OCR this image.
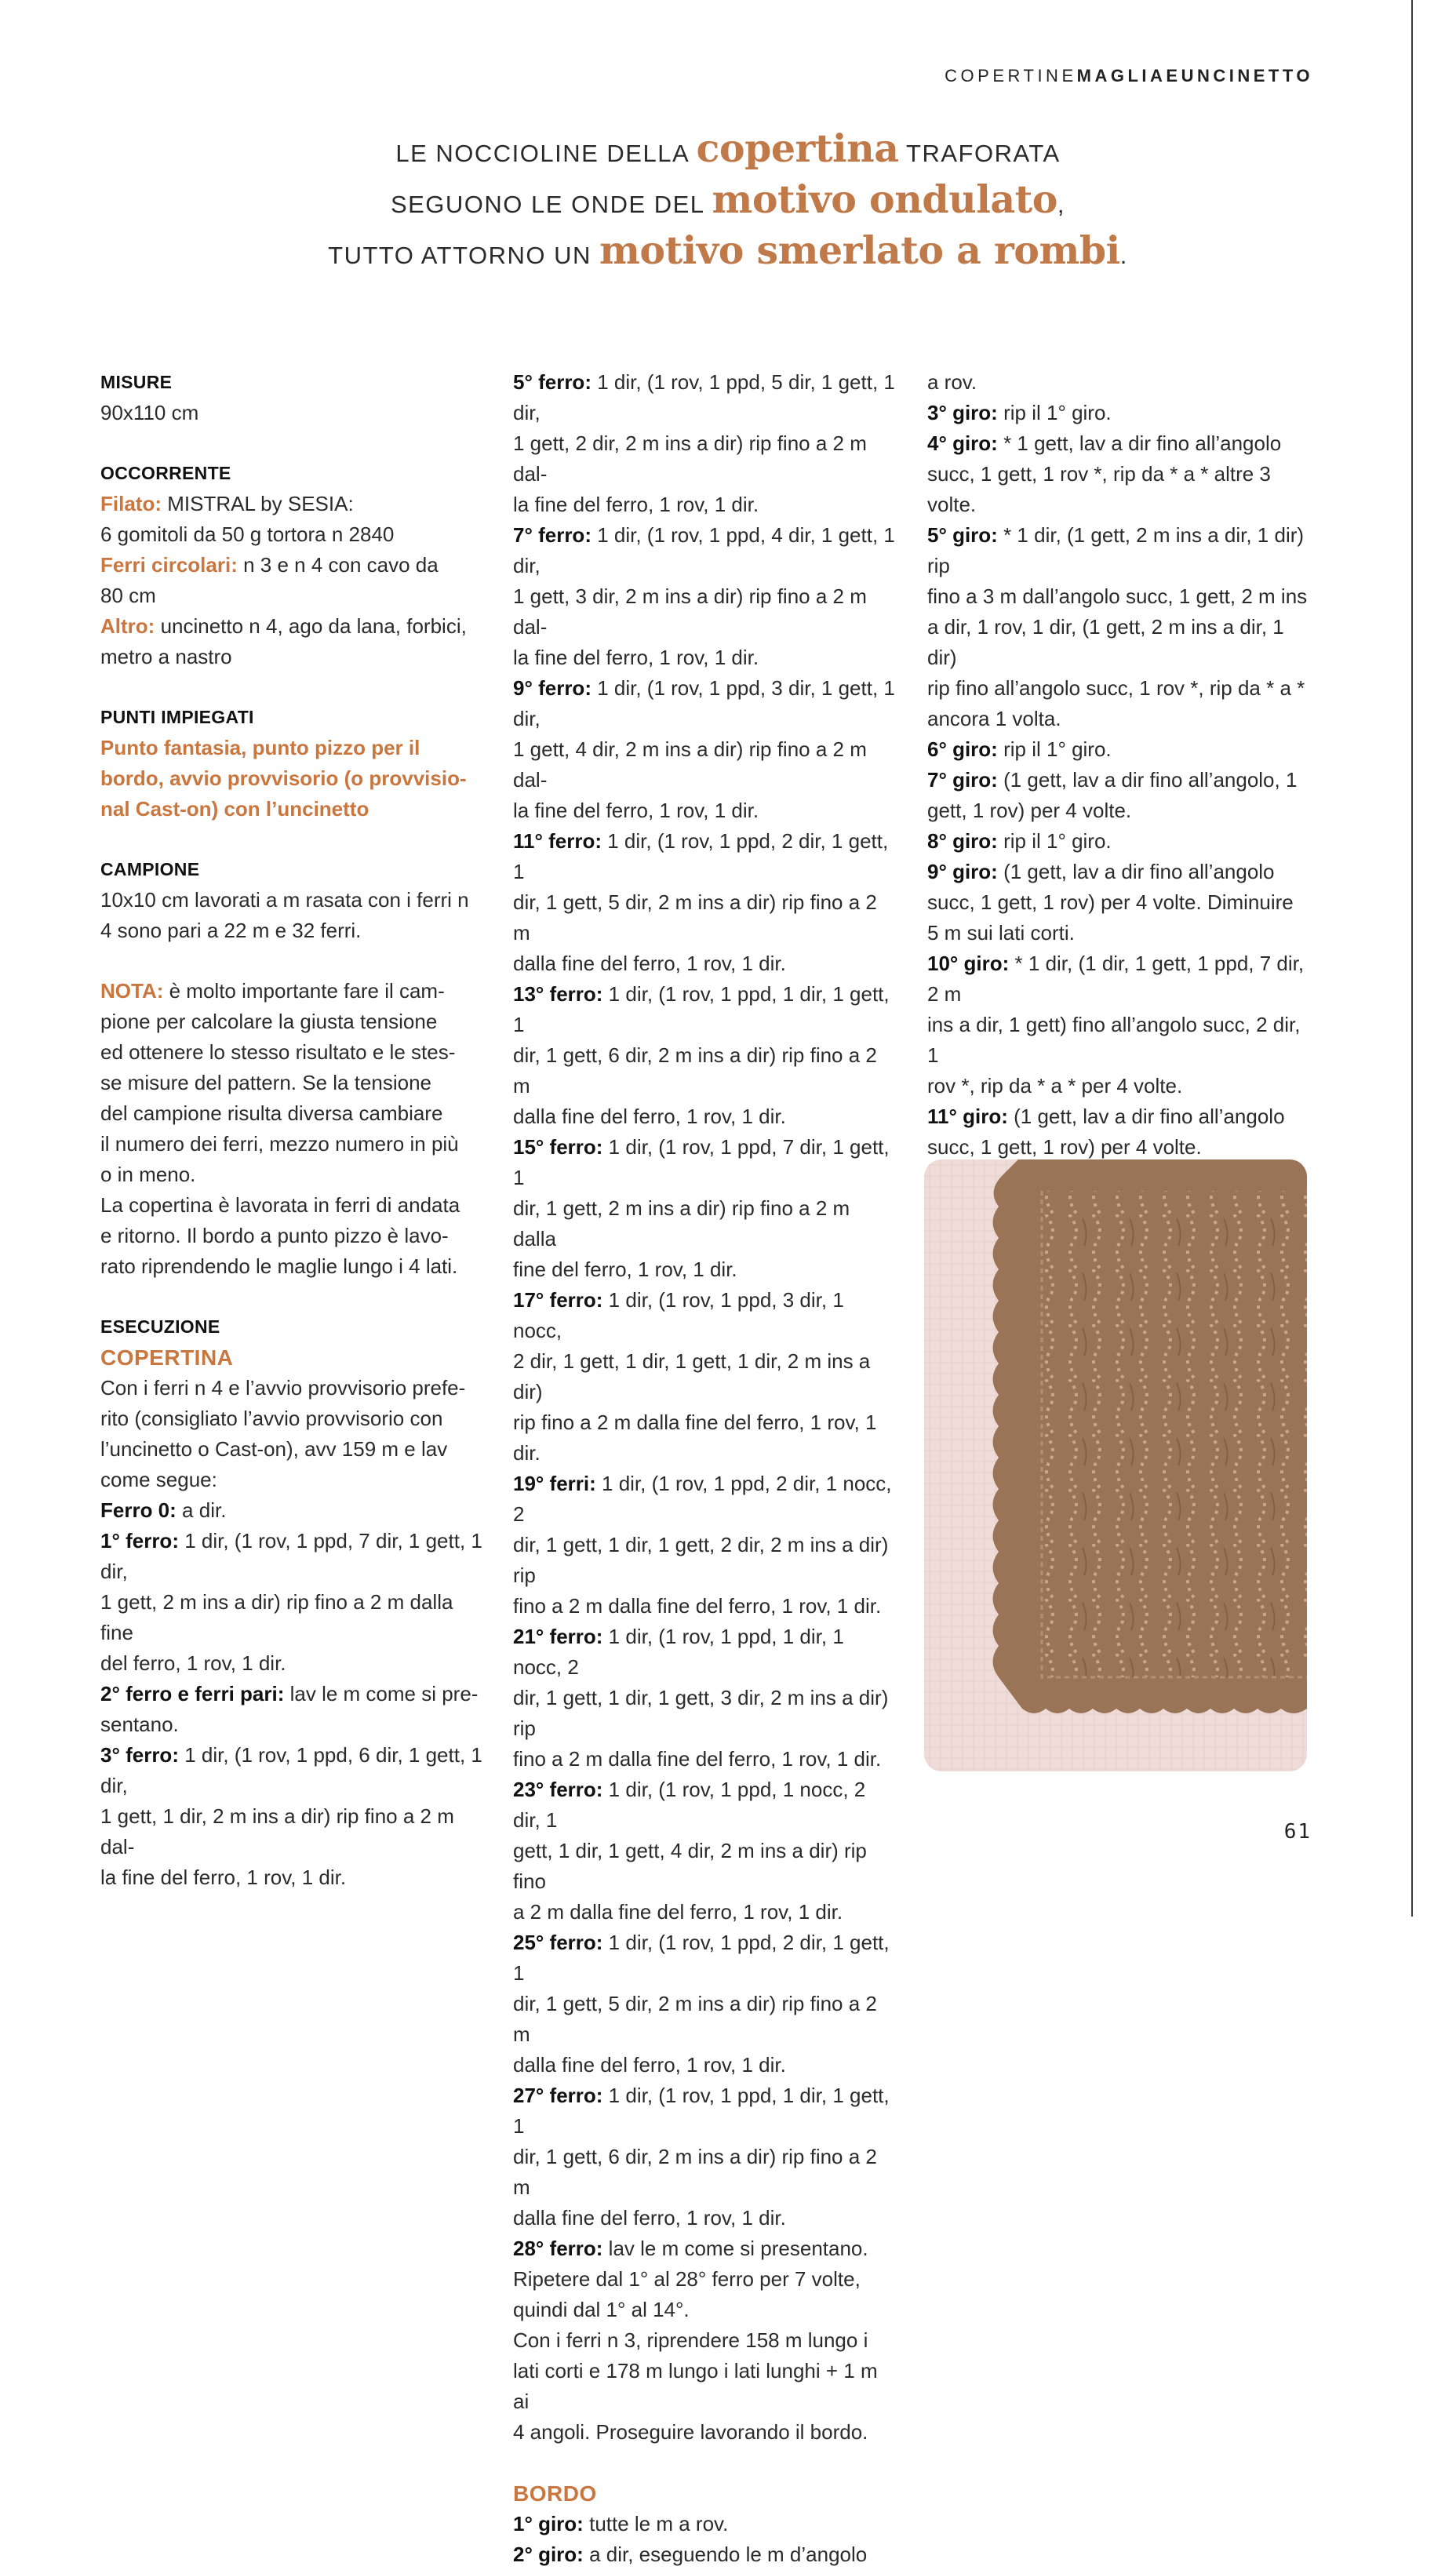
COPERTINEMAGLIAEUNCINETTO
LE NOCCIOLINE DELLA copertina TRAFORATA
SEGUONO LE ONDE DEL motivo ondulato,
TUTTO ATTORNO UN motivo smerlato a rombi.

MISURE

90x110 cm

OCCORRENTE

Filato: MISTRAL by SESIA:

6 gomitoli da 50 g tortora n 2840

Ferri circolari: n 3 e n 4 con cavo da

80 cm

Altro: uncinetto n 4, ago da lana, forbici,

metro a nastro

PUNTI IMPIEGATI

Punto fantasia, punto pizzo per il

bordo, avvio provvisorio (o provvisio-

nal Cast-on) con l’uncinetto

CAMPIONE

10x10 cm lavorati a m rasata con i ferri n

4 sono pari a 22 m e 32 ferri.

NOTA: è molto importante fare il cam-

pione per calcolare la giusta tensione

ed ottenere lo stesso risultato e le stes-

se misure del pattern. Se la tensione

del campione risulta diversa cambiare

il numero dei ferri, mezzo numero in più

o in meno.

La copertina è lavorata in ferri di andata

e ritorno. Il bordo a punto pizzo è lavo-

rato riprendendo le maglie lungo i 4 lati.

ESECUZIONE

COPERTINA

Con i ferri n 4 e l’avvio provvisorio prefe-

rito (consigliato l’avvio provvisorio con

l’uncinetto o Cast-on), avv 159 m e lav

come segue:

Ferro 0: a dir.

1° ferro: 1 dir, (1 rov, 1 ppd, 7 dir, 1 gett, 1 dir,

1 gett, 2 m ins a dir) rip fino a 2 m dalla fine

del ferro, 1 rov, 1 dir.

2° ferro e ferri pari: lav le m come si pre-

sentano.

3° ferro: 1 dir, (1 rov, 1 ppd, 6 dir, 1 gett, 1 dir,

1 gett, 1 dir, 2 m ins a dir) rip fino a 2 m dal-

la fine del ferro, 1 rov, 1 dir.

5° ferro: 1 dir, (1 rov, 1 ppd, 5 dir, 1 gett, 1 dir,

1 gett, 2 dir, 2 m ins a dir) rip fino a 2 m dal-

la fine del ferro, 1 rov, 1 dir.

7° ferro: 1 dir, (1 rov, 1 ppd, 4 dir, 1 gett, 1 dir,

1 gett, 3 dir, 2 m ins a dir) rip fino a 2 m dal-

la fine del ferro, 1 rov, 1 dir.

9° ferro: 1 dir, (1 rov, 1 ppd, 3 dir, 1 gett, 1 dir,

1 gett, 4 dir, 2 m ins a dir) rip fino a 2 m dal-

la fine del ferro, 1 rov, 1 dir.

11° ferro: 1 dir, (1 rov, 1 ppd, 2 dir, 1 gett, 1

dir, 1 gett, 5 dir, 2 m ins a dir) rip fino a 2 m

dalla fine del ferro, 1 rov, 1 dir.

13° ferro: 1 dir, (1 rov, 1 ppd, 1 dir, 1 gett, 1

dir, 1 gett, 6 dir, 2 m ins a dir) rip fino a 2 m

dalla fine del ferro, 1 rov, 1 dir.

15° ferro: 1 dir, (1 rov, 1 ppd, 7 dir, 1 gett, 1

dir, 1 gett, 2 m ins a dir) rip fino a 2 m dalla

fine del ferro, 1 rov, 1 dir.

17° ferro: 1 dir, (1 rov, 1 ppd, 3 dir, 1 nocc,

2 dir, 1 gett, 1 dir, 1 gett, 1 dir, 2 m ins a dir)

rip fino a 2 m dalla fine del ferro, 1 rov, 1 dir.

19° ferri: 1 dir, (1 rov, 1 ppd, 2 dir, 1 nocc, 2

dir, 1 gett, 1 dir, 1 gett, 2 dir, 2 m ins a dir) rip

fino a 2 m dalla fine del ferro, 1 rov, 1 dir.

21° ferro: 1 dir, (1 rov, 1 ppd, 1 dir, 1 nocc, 2

dir, 1 gett, 1 dir, 1 gett, 3 dir, 2 m ins a dir) rip

fino a 2 m dalla fine del ferro, 1 rov, 1 dir.

23° ferro: 1 dir, (1 rov, 1 ppd, 1 nocc, 2 dir, 1

gett, 1 dir, 1 gett, 4 dir, 2 m ins a dir) rip fino

a 2 m dalla fine del ferro, 1 rov, 1 dir.

25° ferro: 1 dir, (1 rov, 1 ppd, 2 dir, 1 gett, 1

dir, 1 gett, 5 dir, 2 m ins a dir) rip fino a 2 m

dalla fine del ferro, 1 rov, 1 dir.

27° ferro: 1 dir, (1 rov, 1 ppd, 1 dir, 1 gett, 1

dir, 1 gett, 6 dir, 2 m ins a dir) rip fino a 2 m

dalla fine del ferro, 1 rov, 1 dir.

28° ferro: lav le m come si presentano.

Ripetere dal 1° al 28° ferro per 7 volte,

quindi dal 1° al 14°.

Con i ferri n 3, riprendere 158 m lungo i

lati corti e 178 m lungo i lati lunghi + 1 m ai

4 angoli. Proseguire lavorando il bordo.

BORDO

1° giro: tutte le m a rov.

2° giro: a dir, eseguendo le m d’angolo

a rov.

3° giro: rip il 1° giro.

4° giro: * 1 gett, lav a dir fino all’angolo

succ, 1 gett, 1 rov *, rip da * a * altre 3 volte.

5° giro: * 1 dir, (1 gett, 2 m ins a dir, 1 dir) rip

fino a 3 m dall’angolo succ, 1 gett, 2 m ins

a dir, 1 rov, 1 dir, (1 gett, 2 m ins a dir, 1 dir)

rip fino all’angolo succ, 1 rov *, rip da * a *

ancora 1 volta.

6° giro: rip il 1° giro.

7° giro: (1 gett, lav a dir fino all’angolo, 1

gett, 1 rov) per 4 volte.

8° giro: rip il 1° giro.

9° giro: (1 gett, lav a dir fino all’angolo

succ, 1 gett, 1 rov) per 4 volte. Diminuire

5 m sui lati corti.

10° giro: * 1 dir, (1 dir, 1 gett, 1 ppd, 7 dir, 2 m

ins a dir, 1 gett) fino all’angolo succ, 2 dir, 1

rov *, rip da * a * per 4 volte.

11° giro: (1 gett, lav a dir fino all’angolo

succ, 1 gett, 1 rov) per 4 volte.

61
